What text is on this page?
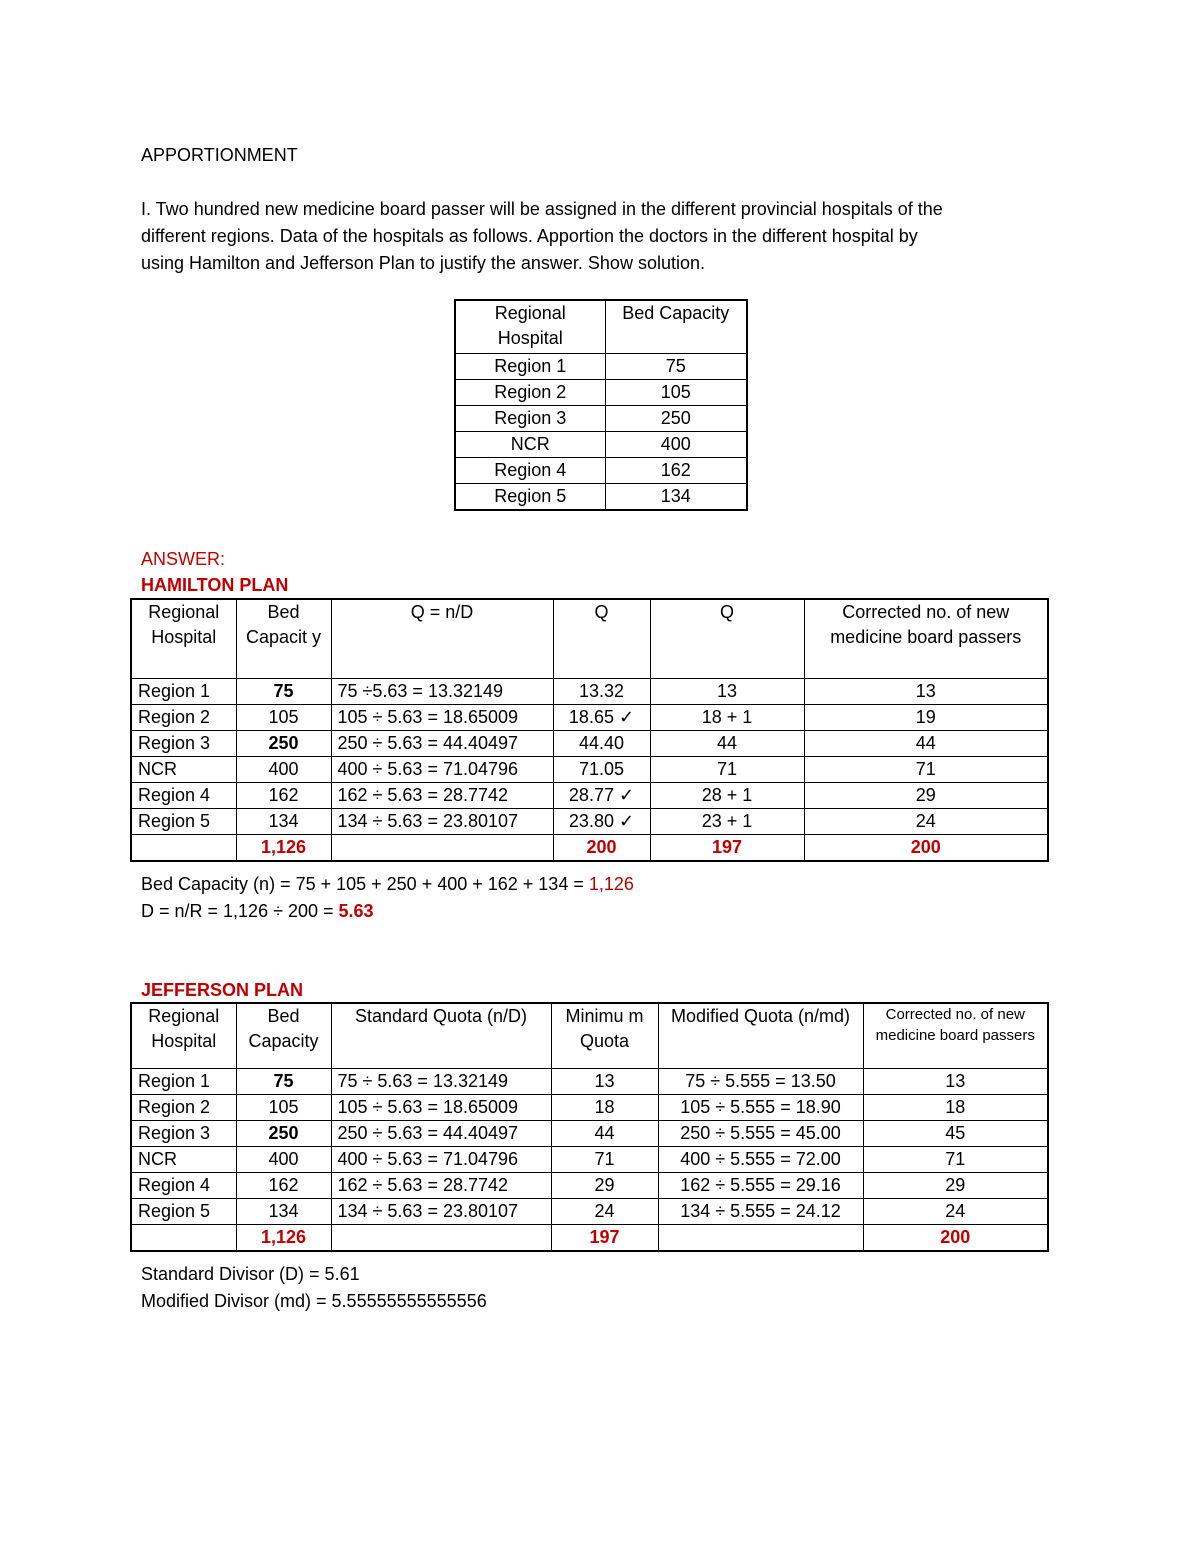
APPORTIONMENT
I. Two hundred new medicine board passer will be assigned in the different provincial hospitals of the
different regions. Data of the hospitals as follows. Apportion the doctors in the different hospital by
using Hamilton and Jefferson Plan to justify the answer. Show solution.
Regional Hospital	Bed Capacity
Region 1	75
Region 2	105
Region 3	250
NCR	400
Region 4	162
Region 5	134
ANSWER:
HAMILTON PLAN
Regional Hospital	Bed Capacit y	Q = n/D	Q	Q	Corrected no. of new medicine board passers
Region 1	75	75 ÷5.63 = 13.32149	13.32	13	13
Region 2	105	105 ÷ 5.63 = 18.65009	18.65 ✓	18 + 1	19
Region 3	250	250 ÷ 5.63 = 44.40497	44.40	44	44
NCR	400	400 ÷ 5.63 = 71.04796	71.05	71	71
Region 4	162	162 ÷ 5.63 = 28.7742	28.77 ✓	28 + 1	29
Region 5	134	134 ÷ 5.63 = 23.80107	23.80 ✓	23 + 1	24
	1,126		200	197	200
Bed Capacity (n) = 75 + 105 + 250 + 400 + 162 + 134 = 1,126
D = n/R = 1,126 ÷ 200 = 5.63
JEFFERSON PLAN
Regional Hospital	Bed Capacity	Standard Quota (n/D)	Minimu m Quota	Modified Quota (n/md)	Corrected no. of new medicine board passers
Region 1	75	75 ÷ 5.63 = 13.32149	13	75 ÷ 5.555 = 13.50	13
Region 2	105	105 ÷ 5.63 = 18.65009	18	105 ÷ 5.555 = 18.90	18
Region 3	250	250 ÷ 5.63 = 44.40497	44	250 ÷ 5.555 = 45.00	45
NCR	400	400 ÷ 5.63 = 71.04796	71	400 ÷ 5.555 = 72.00	71
Region 4	162	162 ÷ 5.63 = 28.7742	29	162 ÷ 5.555 = 29.16	29
Region 5	134	134 ÷ 5.63 = 23.80107	24	134 ÷ 5.555 = 24.12	24
	1,126		197		200
Standard Divisor (D) = 5.61
Modified Divisor (md) = 5.55555555555556
